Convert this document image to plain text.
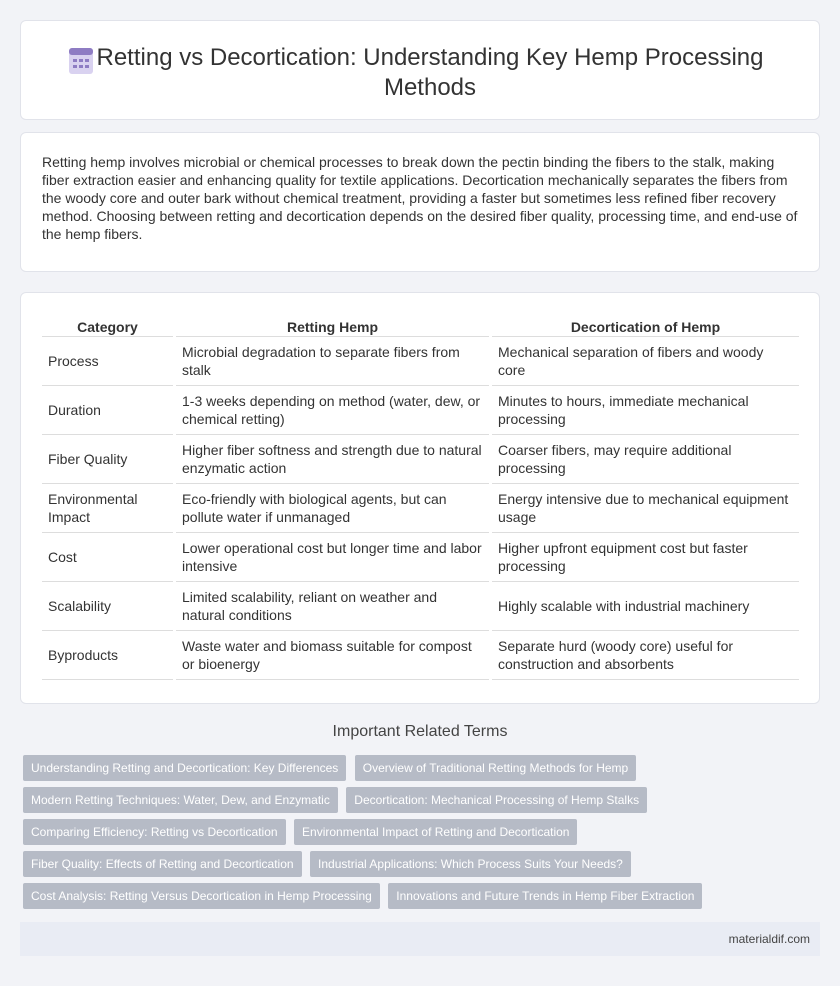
Retting vs Decortication: Understanding Key Hemp Processing Methods

Retting hemp involves microbial or chemical processes to break down the pectin binding the fibers to the stalk, making fiber extraction easier and enhancing quality for textile applications. Decortication mechanically separates the fibers from the woody core and outer bark without chemical treatment, providing a faster but sometimes less refined fiber recovery method. Choosing between retting and decortication depends on the desired fiber quality, processing time, and end-use of the hemp fibers.

Category		Retting Hemp		Decortication of Hemp
Process		Microbial degradation to separate fibers from stalk		Mechanical separation of fibers and woody core
Duration		1-3 weeks depending on method (water, dew, or chemical retting)		Minutes to hours, immediate mechanical processing
Fiber Quality		Higher fiber softness and strength due to natural enzymatic action		Coarser fibers, may require additional processing
Environmental Impact		Eco-friendly with biological agents, but can pollute water if unmanaged		Energy intensive due to mechanical equipment usage
Cost		Lower operational cost but longer time and labor intensive		Higher upfront equipment cost but faster processing
Scalability		Limited scalability, reliant on weather and natural conditions		Highly scalable with industrial machinery
Byproducts		Waste water and biomass suitable for compost or bioenergy		Separate hurd (woody core) useful for construction and absorbents
Important Related Terms
Understanding Retting and Decortication: Key Differences Overview of Traditional Retting Methods for Hemp
Modern Retting Techniques: Water, Dew, and Enzymatic Decortication: Mechanical Processing of Hemp Stalks
Comparing Efficiency: Retting vs Decortication Environmental Impact of Retting and Decortication
Fiber Quality: Effects of Retting and Decortication Industrial Applications: Which Process Suits Your Needs?
Cost Analysis: Retting Versus Decortication in Hemp Processing Innovations and Future Trends in Hemp Fiber Extraction
materialdif.com
